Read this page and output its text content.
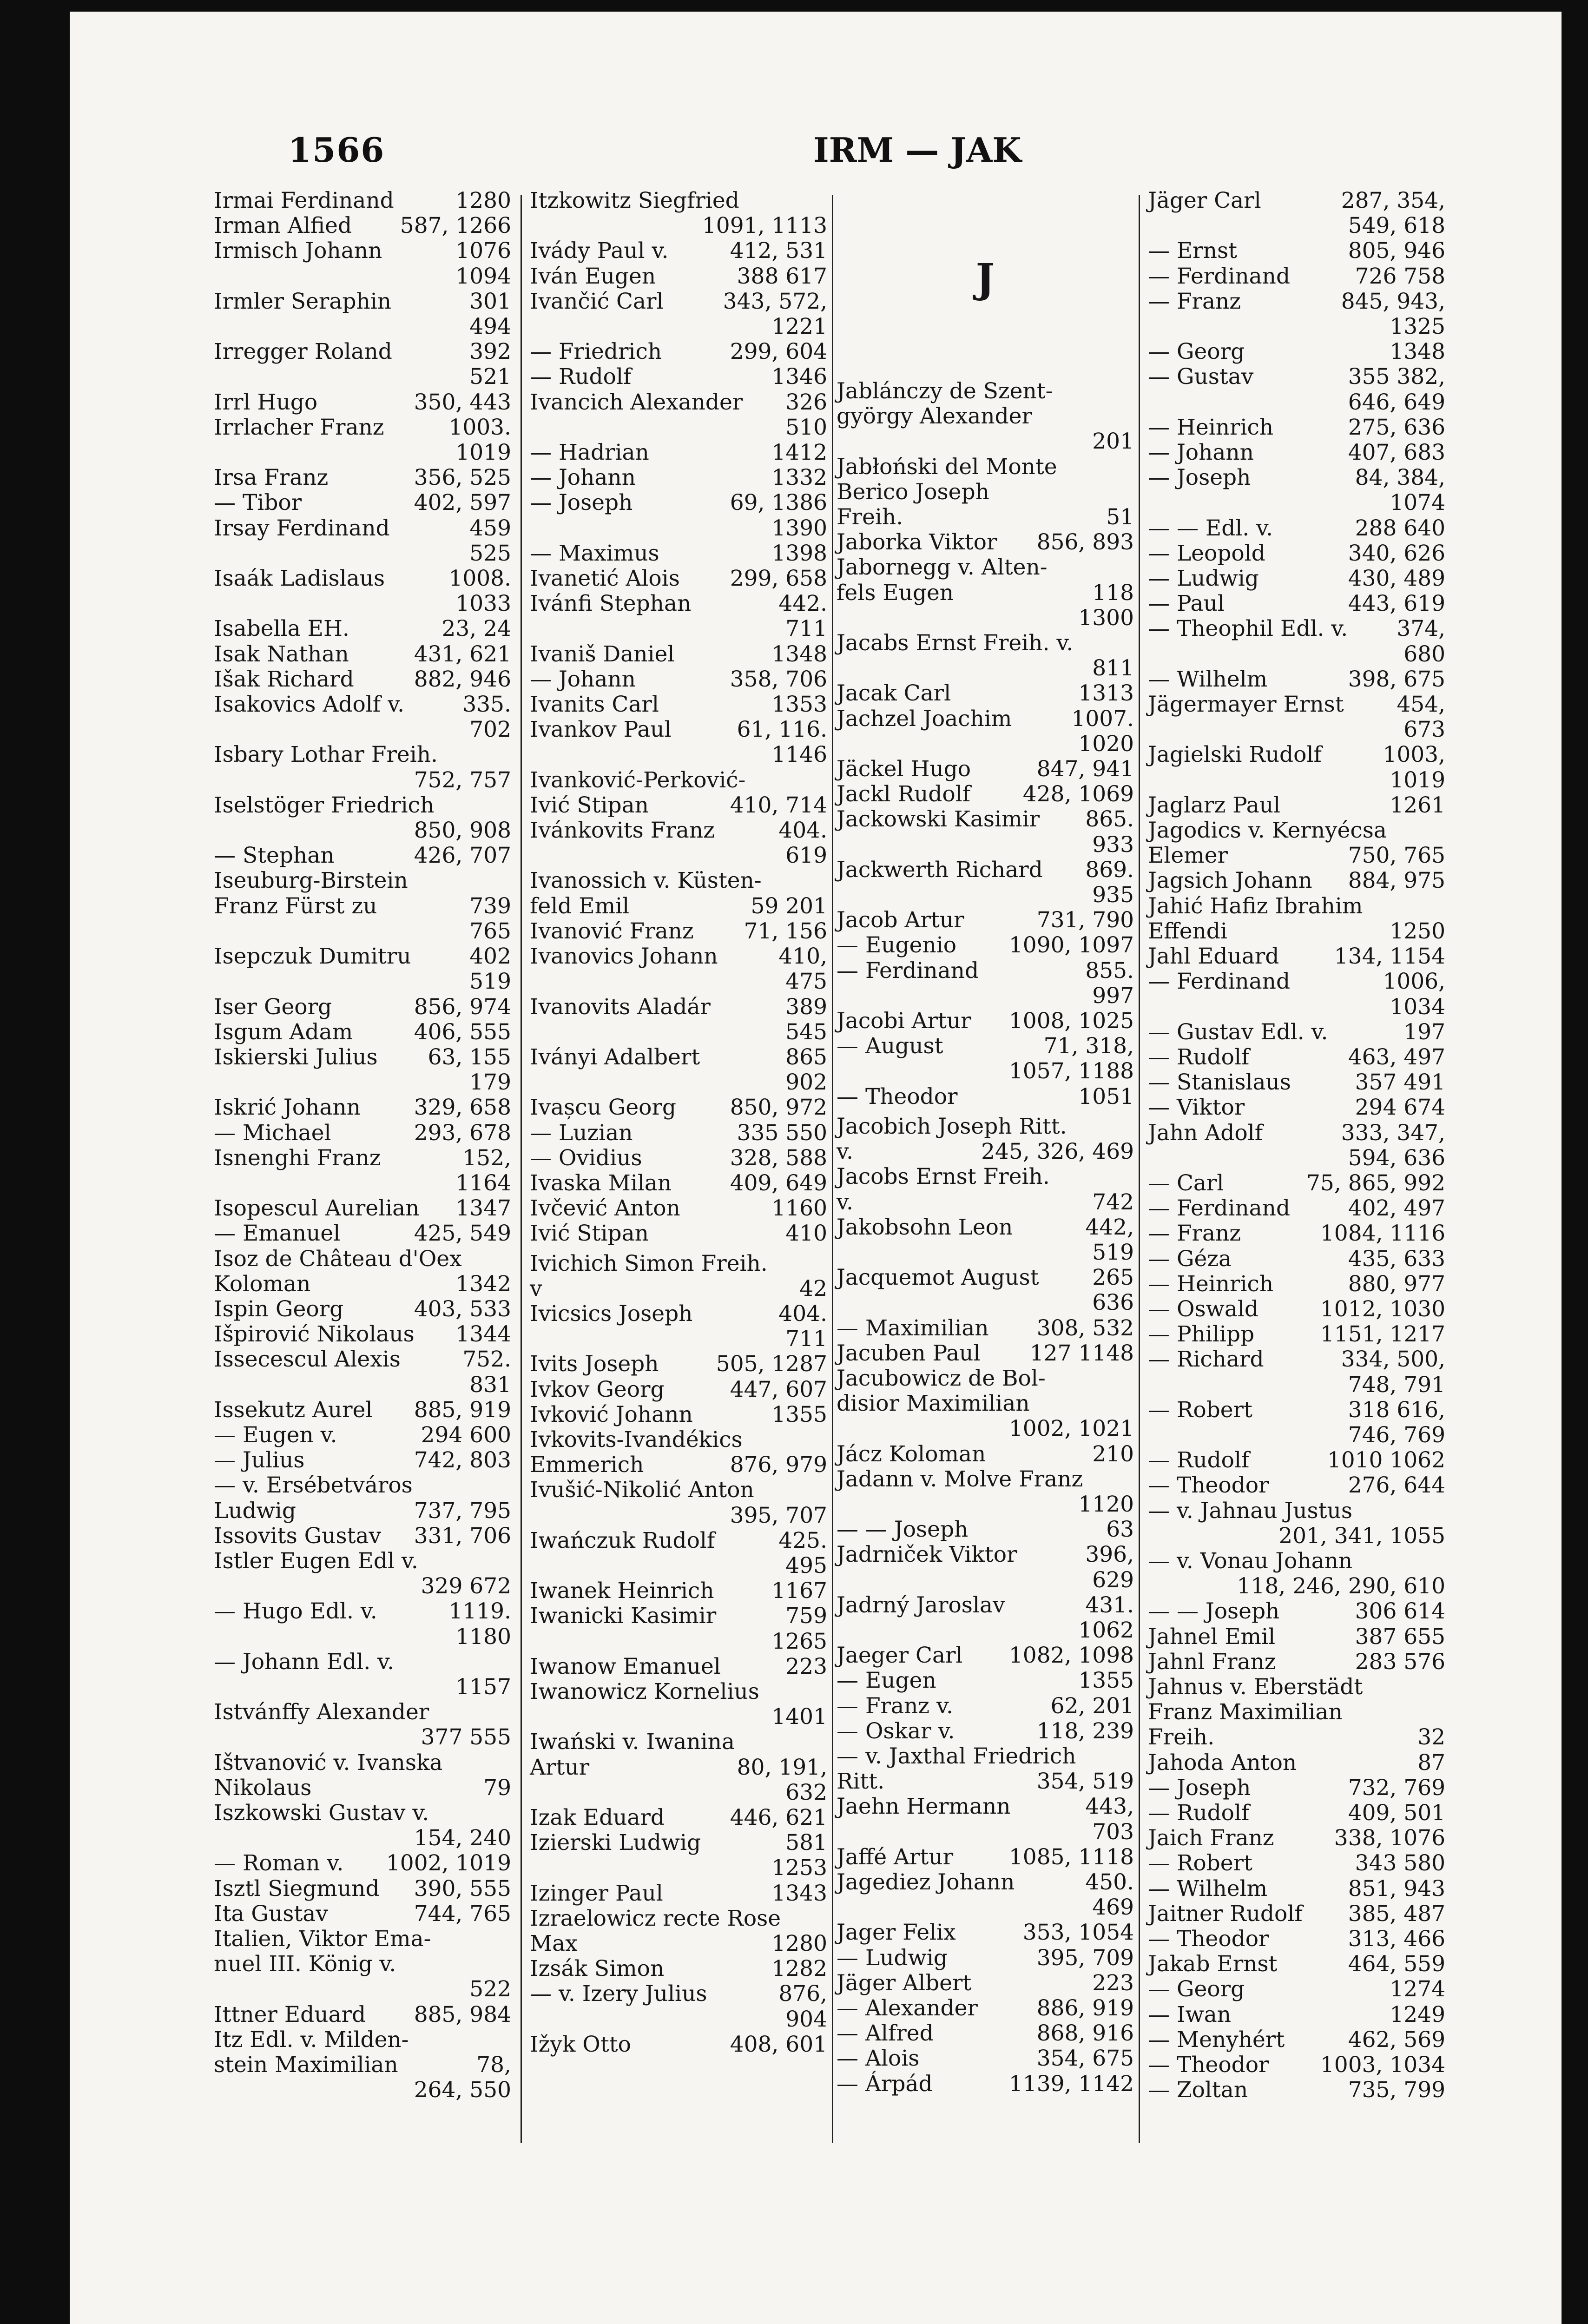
1566	IRM — JAK
Irmai Ferdinand	1280
Irman Alfied 587, 1266
Irmisch Johann	1076
1094
Irmler Seraphin	301
494
Irregger Roland	392
521
Irrl Hugo	350, 443
Irrlacher Franz	1003.
1019
Irsa Franz	356, 525
— Tibor	402, 597
Irsay Ferdinand	459
525
Isaák Ladislaus	1008.
1033
Isabella EH.	23, 24
Isak Nathan	431, 621
Išak Richard	882, 946
Isakovics Adolf v.	335.
702
Isbary Lothar Freih.
752, 757
Iselstöger Friedrich
850, 908
— Stephan	426, 707
Iseuburg-Birstein
Franz Fürst zu	739
765
Isepczuk Dumitru	402
519
Iser Georg	856, 974
Isgum Adam	406, 555
Iskierski Julius 63, 155
179
Iskrić Johann 329, 658
— Michael	293, 678
Isnenghi Franz	152,
1164
Isopescul Aurelian 1347
— Emanuel	425, 549
Isoz de Château d'Oex
Koloman	1342
Ispin Georg	403, 533
Išpirović Nikolaus 1344
Issecescul Alexis	752.
831
Issekutz Aurel 885, 919
— Eugen v.	294 600
— Julius	742, 803
— v. Ersébetváros
Ludwig	737, 795
Issovits Gustav 331, 706
Istler Eugen Edl v.
329 672
— Hugo Edl. v.	1119.
1180
— Johann Edl. v.
1157
Istvánffy Alexander
377 555
Ištvanović v. Ivanska
Nikolaus	79
Iszkowski Gustav v.
154, 240
— Roman v. 1002, 1019
Isztl Siegmund 390, 555
Ita Gustav	744, 765
Italien, Viktor Ema-
nuel III. König v.
522
Ittner Eduard 885, 984
Itz Edl. v. Milden-
stein Maximilian	78,
264, 550
Itzkowitz Siegfried
1091, 1113
Ivády Paul v.	412, 531
Iván Eugen	388 617
Ivančić Carl	343, 572,
1221
— Friedrich	299, 604
— Rudolf	1346
Ivancich Alexander 326
510
— Hadrian	1412
— Johann	1332
— Joseph	69, 1386
1390
— Maximus	1398
Ivanetić Alois 299, 658
Ivánfi Stephan	442.
711
Ivaniš Daniel	1348
— Johann	358, 706
Ivanits Carl	1353
Ivankov Paul	61, 116.
1146
Ivanković-Perković-
Ivić Stipan	410, 714
Ivánkovits Franz	404.
619
Ivanossich v. Küsten-
feld Emil	59 201
Ivanović Franz 71, 156
Ivanovics Johann	410,
475
Ivanovits Aladár	389
545
Iványi Adalbert	865
902
Ivașcu Georg 850, 972
— Luzian	335 550
— Ovidius	328, 588
Ivaska Milan	409, 649
Ivčević Anton	1160
Ivić Stipan	410
Ivichich Simon Freih.
v	42
Ivicsics Joseph	404.
711
Ivits Joseph	505, 1287
Ivkov Georg	447, 607
Ivković Johann	1355
Ivkovits-Ivandékics
Emmerich	876, 979
Ivušić-Nikolić Anton
395, 707
Iwańczuk Rudolf	425.
495
Iwanek Heinrich	1167
Iwanicki Kasimir	759
1265
Iwanow Emanuel	223
Iwanowicz Kornelius
1401
Iwański v. Iwanina
Artur	80, 191,
632
Izak Eduard	446, 621
Izierski Ludwig	581
1253
Izinger Paul	1343
Izraelowicz recte Rose
Max	1280
Izsák Simon	1282
— v. Izery Julius	876,
904
Ižyk Otto	408, 601
J
Jablánczy de Szent-
györgy Alexander
201
Jabłoński del Monte
Berico Joseph
Freih.	51
Jaborka Viktor 856, 893
Jabornegg v. Alten-
fels Eugen	118
1300
Jacabs Ernst Freih. v.
811
Jacak Carl	1313
Jachzel Joachim	1007.
1020
Jäckel Hugo	847, 941
Jackl Rudolf 428, 1069
Jackowski Kasimir 865.
933
Jackwerth Richard 869.
935
Jacob Artur	731, 790
— Eugenio 1090, 1097
— Ferdinand	855.
997
Jacobi Artur 1008, 1025
— August	71, 318,
1057, 1188
— Theodor	1051
Jacobich Joseph Ritt.
v.	245, 326, 469
Jacobs Ernst Freih.
v.	742
Jakobsohn Leon	442,
519
Jacquemot August 265
636
— Maximilian 308, 532
Jacuben Paul 127 1148
Jacubowicz de Bol-
disior Maximilian
1002, 1021
Jácz Koloman	210
Jadann v. Molve Franz
1120
— — Joseph	63
Jadrniček Viktor	396,
629
Jadrný Jaroslav	431.
1062
Jaeger Carl 1082, 1098
— Eugen	1355
— Franz v.	62, 201
— Oskar v.	118, 239
— v. Jaxthal Friedrich
Ritt.	354, 519
Jaehn Hermann	443,
703
Jaffé Artur	1085, 1118
Jagediez Johann	450.
469
Jager Felix	353, 1054
— Ludwig	395, 709
Jäger Albert	223
— Alexander	886, 919
— Alfred	868, 916
— Alois	354, 675
— Árpád	1139, 1142
Jäger Carl	287, 354,
549, 618
— Ernst	805, 946
— Ferdinand	726 758
— Franz	845, 943,
1325
— Georg	1348
— Gustav	355 382,
646, 649
— Heinrich	275, 636
— Johann	407, 683
— Joseph	84, 384,
1074
— — Edl. v.	288 640
— Leopold	340, 626
— Ludwig	430, 489
— Paul	443, 619
— Theophil Edl. v. 374,
680
— Wilhelm	398, 675
Jägermayer Ernst 454,
673
Jagielski Rudolf	1003,
1019
Jaglarz Paul	1261
Jagodics v. Kernyécsa
Elemer	750, 765
Jagsich Johann 884, 975
Jahić Hafiz Ibrahim
Effendi	1250
Jahl Eduard	134, 1154
— Ferdinand	1006,
1034
— Gustav Edl. v.	197
— Rudolf	463, 497
— Stanislaus	357 491
— Viktor	294 674
Jahn Adolf	333, 347,
594, 636
— Carl	75, 865, 992
— Ferdinand	402, 497
— Franz	1084, 1116
— Géza	435, 633
— Heinrich	880, 977
— Oswald	1012, 1030
— Philipp	1151, 1217
— Richard	334, 500,
748, 791
— Robert	318 616,
746, 769
— Rudolf	1010 1062
— Theodor	276, 644
— v. Jahnau Justus
201, 341, 1055
— v. Vonau Johann
118, 246, 290, 610
— — Joseph	306 614
Jahnel Emil	387 655
Jahnl Franz	283 576
Jahnus v. Eberstädt
Franz Maximilian
Freih.	32
Jahoda Anton	87
— Joseph	732, 769
— Rudolf	409, 501
Jaich Franz	338, 1076
— Robert	343 580
— Wilhelm	851, 943
Jaitner Rudolf 385, 487
— Theodor	313, 466
Jakab Ernst	464, 559
— Georg	1274
— Iwan	1249
— Menyhért	462, 569
— Theodor 1003, 1034
— Zoltan	735, 799
